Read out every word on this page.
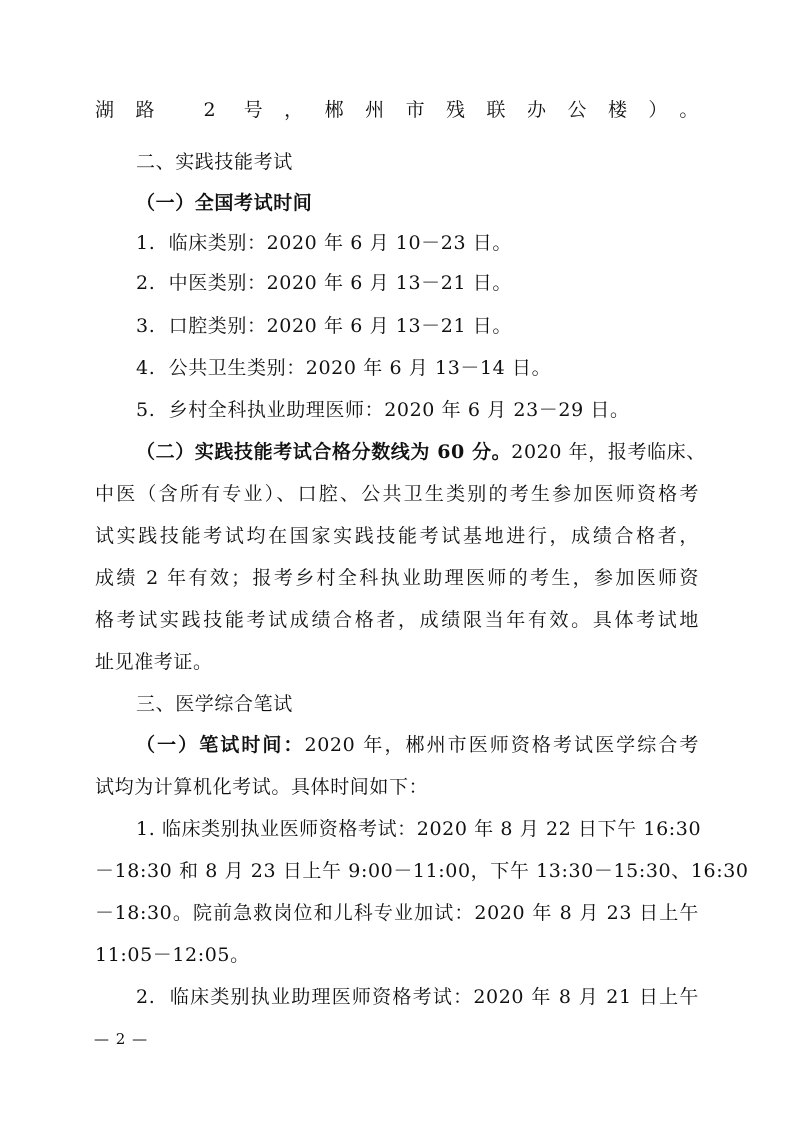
湖路 2 号，郴州市残联办公楼）。
二、实践技能考试
（一）全国考试时间
1.  临床类别：2020 年 6 月 10－23 日。
2.  中医类别：2020 年 6 月 13－21 日。
3.  口腔类别：2020 年 6 月 13－21 日。
4.  公共卫生类别：2020 年 6 月 13－14 日。
5.  乡村全科执业助理医师：2020 年 6 月 23－29 日。
（二）实践技能考试合格分数线为 60 分。2020 年，报考临床、
中医（含所有专业）、口腔、公共卫生类别的考生参加医师资格考
试实践技能考试均在国家实践技能考试基地进行，成绩合格者，
成绩 2 年有效；报考乡村全科执业助理医师的考生，参加医师资
格考试实践技能考试成绩合格者，成绩限当年有效。具体考试地
址见准考证。
三、医学综合笔试
（一）笔试时间：2020 年，郴州市医师资格考试医学综合考
试均为计算机化考试。具体时间如下：
1. 临床类别执业医师资格考试：2020 年 8 月 22 日下午 16:30
－18:30 和 8 月 23 日上午 9:00－11:00，下午 13:30－15:30、16:30
－18:30。院前急救岗位和儿科专业加试：2020 年 8 月 23 日上午
11:05－12:05。
2.  临床类别执业助理医师资格考试：2020 年 8 月 21 日上午
— 2 —
